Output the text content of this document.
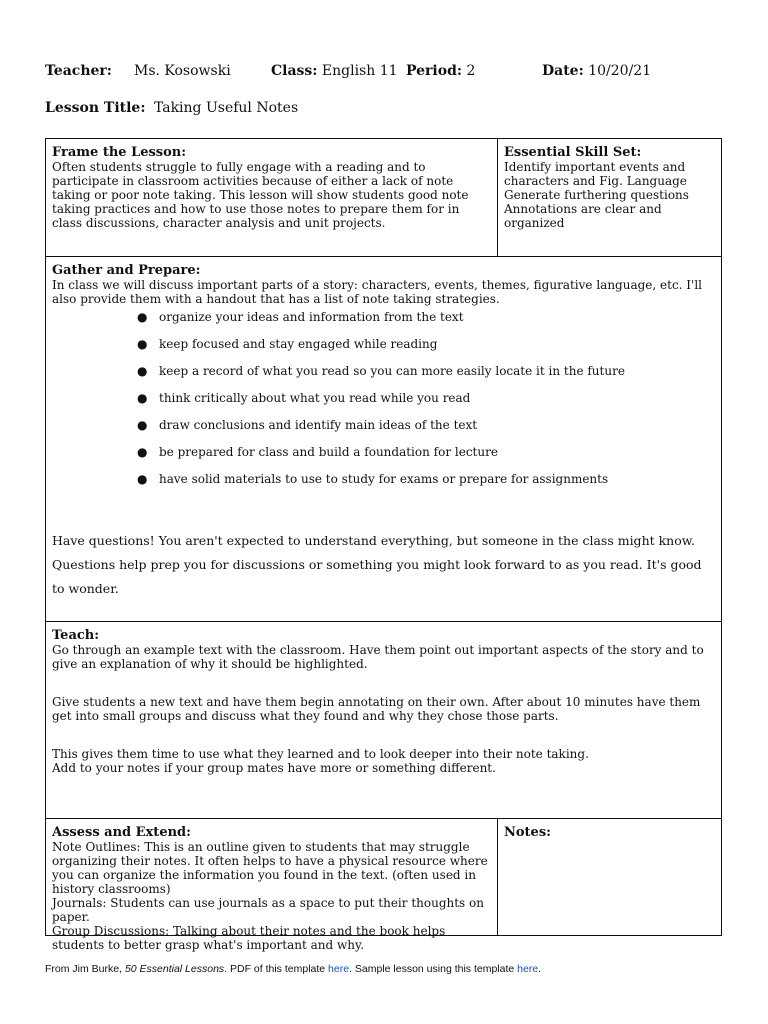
Teacher: Ms. Kosowski	Class: English 11 Period: 2	Date: 10/20/21
Lesson Title: Taking Useful Notes
Frame the Lesson:
Often students struggle to fully engage with a reading and to participate in classroom activities because of either a lack of note taking or poor note taking. This lesson will show students good note taking practices and how to use those notes to prepare them for in class discussions, character analysis and unit projects.
Essential Skill Set:
Identify important events and characters and Fig. Language
Generate furthering questions
Annotations are clear and organized
Gather and Prepare:
In class we will discuss important parts of a story: characters, events, themes, figurative language, etc. I'll also provide them with a handout that has a list of note taking strategies.
● organize your ideas and information from the text
● keep focused and stay engaged while reading
● keep a record of what you read so you can more easily locate it in the future
● think critically about what you read while you read
● draw conclusions and identify main ideas of the text
● be prepared for class and build a foundation for lecture
● have solid materials to use to study for exams or prepare for assignments
Have questions! You aren't expected to understand everything, but someone in the class might know. Questions help prep you for discussions or something you might look forward to as you read. It's good to wonder.
Teach:
Go through an example text with the classroom. Have them point out important aspects of the story and to give an explanation of why it should be highlighted.
Give students a new text and have them begin annotating on their own. After about 10 minutes have them get into small groups and discuss what they found and why they chose those parts.
This gives them time to use what they learned and to look deeper into their note taking.
Add to your notes if your group mates have more or something different.
Assess and Extend:
Note Outlines: This is an outline given to students that may struggle organizing their notes. It often helps to have a physical resource where you can organize the information you found in the text. (often used in history classrooms)
Journals: Students can use journals as a space to put their thoughts on paper.
Group Discussions: Talking about their notes and the book helps students to better grasp what's important and why.
Notes:
From Jim Burke, 50 Essential Lessons. PDF of this template here. Sample lesson using this template here.
